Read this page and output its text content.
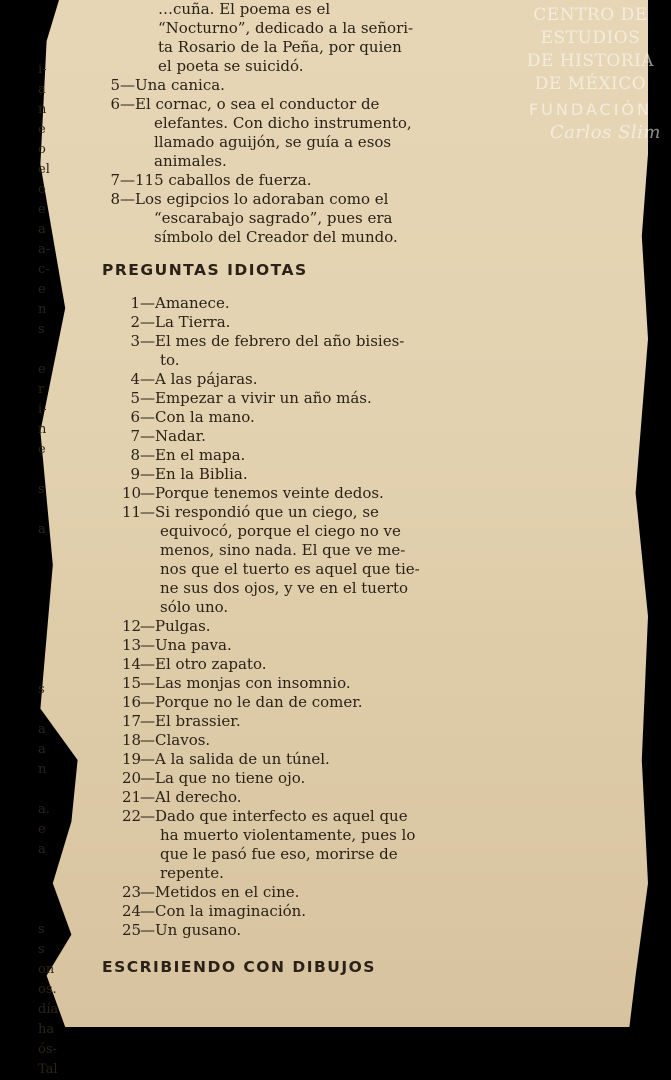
i-
a
n
e
o
el
o
e
a
a-
c-
e
n
s
e
r
i-
n
e
s
a
s
a
a
n
a.
e
a
s
s
on
os.
día
ha
ós-
Tal
…cuña. El poema es el
“Nocturno”, dedicado a la señori-
ta Rosario de la Peña, por quien
el poeta se suicidó.
5—Una canica.
6—El cornac, o sea el conductor de
elefantes. Con dicho instrumento,
llamado aguijón, se guía a esos
animales.
7—115 caballos de fuerza.
8—Los egipcios lo adoraban como el
“escarabajo sagrado”, pues era
símbolo del Creador del mundo.
PREGUNTAS IDIOTAS
1—Amanece.
2—La Tierra.
3—El mes de febrero del año bisies-
to.
4—A las pájaras.
5—Empezar a vivir un año más.
6—Con la mano.
7—Nadar.
8—En el mapa.
9—En la Biblia.
10—Porque tenemos veinte dedos.
11—Si respondió que un ciego, se
equivocó, porque el ciego no ve
menos, sino nada. El que ve me-
nos que el tuerto es aquel que tie-
ne sus dos ojos, y ve en el tuerto
sólo uno.
12—Pulgas.
13—Una pava.
14—El otro zapato.
15—Las monjas con insomnio.
16—Porque no le dan de comer.
17—El brassier.
18—Clavos.
19—A la salida de un túnel.
20—La que no tiene ojo.
21—Al derecho.
22—Dado que interfecto es aquel que
ha muerto violentamente, pues lo
que le pasó fue eso, morirse de
repente.
23—Metidos en el cine.
24—Con la imaginación.
25—Un gusano.
ESCRIBIENDO CON DIBUJOS
CENTRO DE
ESTUDIOS
DE HISTORIA
DE MÉXICO
FUNDACIÓN
Carlos Slim
